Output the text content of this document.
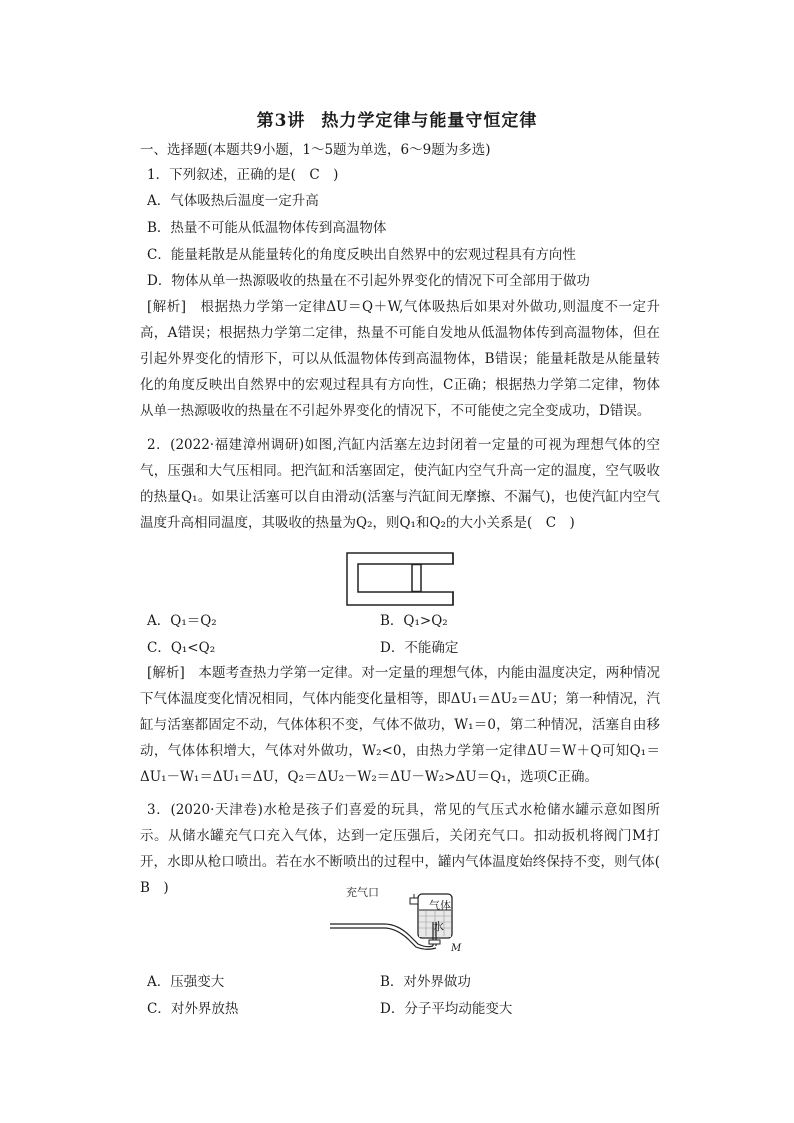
第3讲 热力学定律与能量守恒定律
一、选择题(本题共9小题，1～5题为单选，6～9题为多选)
1．下列叙述，正确的是(　C　)
A．气体吸热后温度一定升高
B．热量不可能从低温物体传到高温物体
C．能量耗散是从能量转化的角度反映出自然界中的宏观过程具有方向性
D．物体从单一热源吸收的热量在不引起外界变化的情况下可全部用于做功
[解析]　根据热力学第一定律ΔU＝Q＋W,气体吸热后如果对外做功,则温度不一定升高，A错误；根据热力学第二定律，热量不可能自发地从低温物体传到高温物体，但在引起外界变化的情形下，可以从低温物体传到高温物体，B错误；能量耗散是从能量转化的角度反映出自然界中的宏观过程具有方向性，C正确；根据热力学第二定律，物体从单一热源吸收的热量在不引起外界变化的情况下，不可能使之完全变成功，D错误。
2．(2022·福建漳州调研)如图,汽缸内活塞左边封闭着一定量的可视为理想气体的空气，压强和大气压相同。把汽缸和活塞固定，使汽缸内空气升高一定的温度，空气吸收的热量Q₁。如果让活塞可以自由滑动(活塞与汽缸间无摩擦、不漏气)，也使汽缸内空气温度升高相同温度，其吸收的热量为Q₂，则Q₁和Q₂的大小关系是(　C　)
A．Q₁＝Q₂	B．Q₁>Q₂
C．Q₁<Q₂	D．不能确定
[解析]　本题考查热力学第一定律。对一定量的理想气体，内能由温度决定，两种情况下气体温度变化情况相同，气体内能变化量相等，即ΔU₁＝ΔU₂＝ΔU；第一种情况，汽缸与活塞都固定不动，气体体积不变，气体不做功，W₁＝0，第二种情况，活塞自由移动，气体体积增大，气体对外做功，W₂<0，由热力学第一定律ΔU＝W＋Q可知Q₁＝ΔU₁－W₁＝ΔU₁＝ΔU，Q₂＝ΔU₂－W₂＝ΔU－W₂>ΔU＝Q₁，选项C正确。
3．(2020·天津卷)水枪是孩子们喜爱的玩具，常见的气压式水枪储水罐示意如图所示。从储水罐充气口充入气体，达到一定压强后，关闭充气口。扣动扳机将阀门M打开，水即从枪口喷出。若在水不断喷出的过程中，罐内气体温度始终保持不变，则气体(　B　)	充气口
气体
水
M
A．压强变大	B．对外界做功
C．对外界放热	D．分子平均动能变大
